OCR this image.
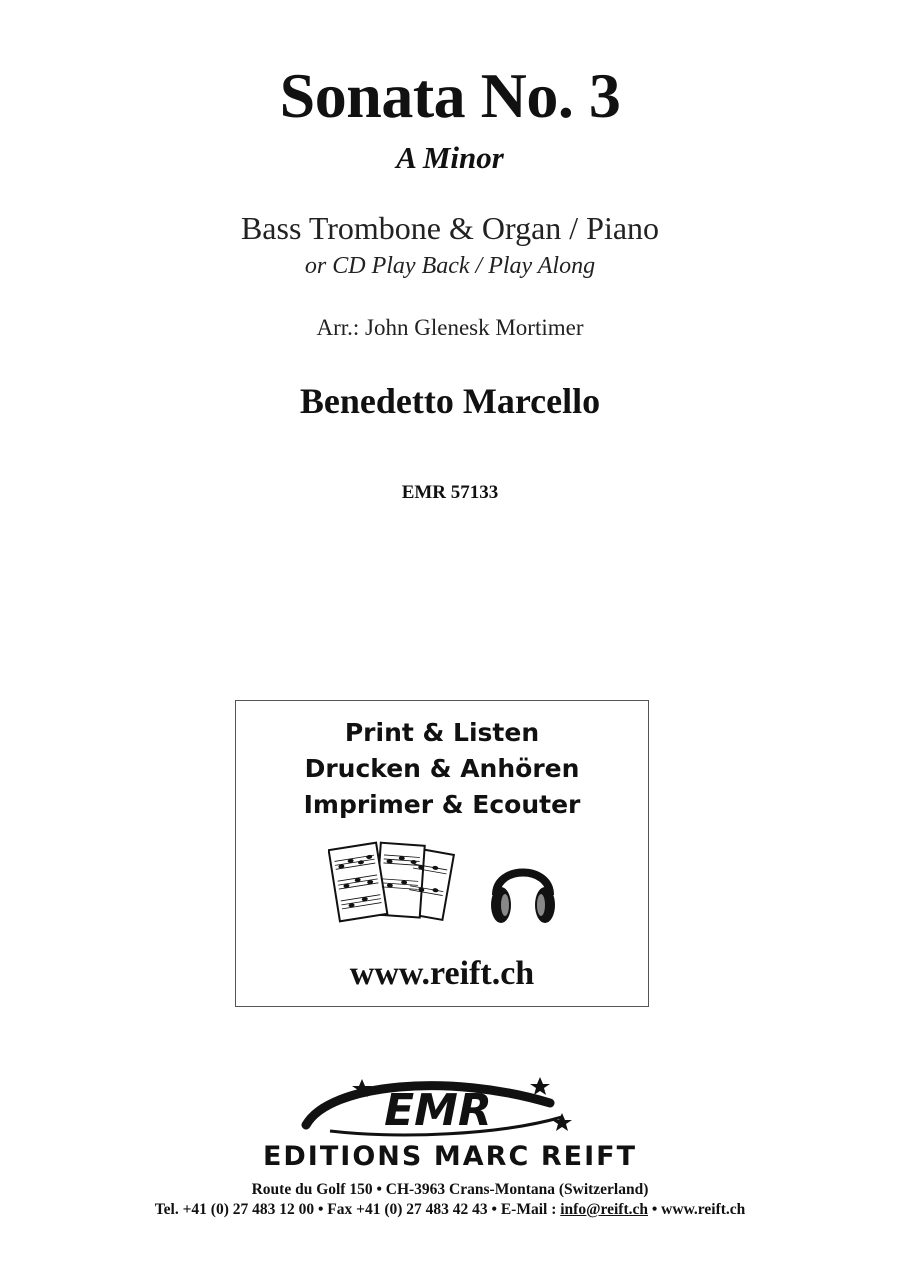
Sonata No. 3
A Minor
Bass Trombone & Organ / Piano
or CD Play Back / Play Along
Arr.: John Glenesk Mortimer
Benedetto Marcello
EMR 57133
Print & Listen
Drucken & Anhören
Imprimer & Ecouter
www.reift.ch
EMR
EDITIONS MARC REIFT
Route du Golf 150 • CH-3963 Crans-Montana (Switzerland)
Tel. +41 (0) 27 483 12 00 • Fax +41 (0) 27 483 42 43 • E-Mail : info@reift.ch • www.reift.ch
